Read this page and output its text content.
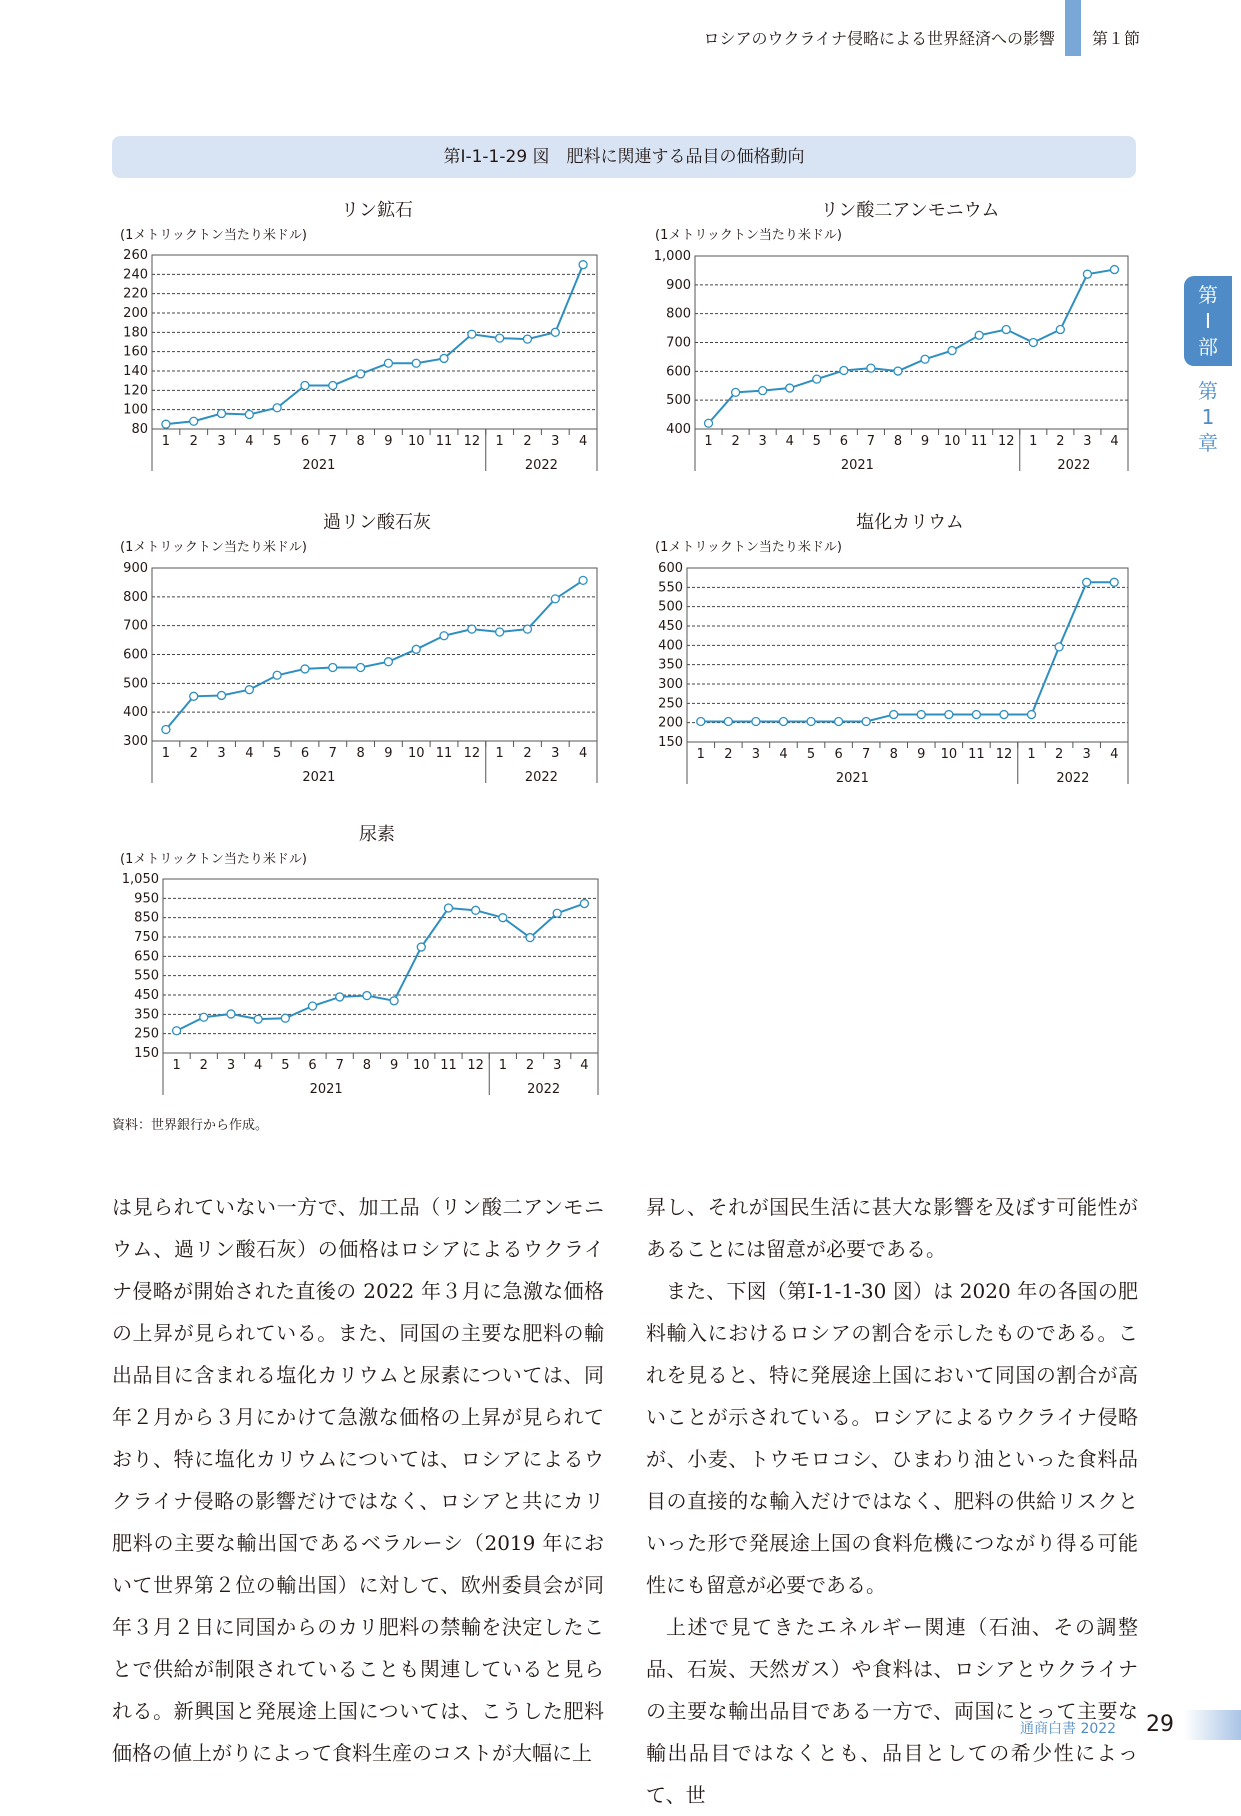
ロシアのウクライナ侵略による世界経済への影響 第１節
第
Ⅰ
部
第
1
章
第Ⅰ-1-1-29 図　肥料に関連する品目の価格動向
リン鉱石
(1メトリックトン当たり米ドル)
80
100
120
140
160
180
200
220
240
260
1 2 3 4 5 6 7 8 9 10 11 12 1 2 3 4
2021	2022
リン酸二アンモニウム
(1メトリックトン当たり米ドル)
400
500
600
700
800
900
1,000
1 2 3 4 5 6 7 8 9 10 11 12 1 2 3 4
2021	2022
過リン酸石灰
(1メトリックトン当たり米ドル)
300
400
500
600
700
800
900
1 2 3 4 5 6 7 8 9 10 11 12 1 2 3 4
2021	2022
塩化カリウム
(1メトリックトン当たり米ドル)
150
200
250
300
350
400
450
500
550
600
1 2 3 4 5 6 7 8 9 10 11 12 1 2 3 4
2021	2022
尿素
(1メトリックトン当たり米ドル)
150
250
350
450
550
650
750
850
950
1,050
1 2 3 4 5 6 7 8 9 10 11 12 1 2 3 4
2021	2022
資料：世界銀行から作成。

は見られていない一方で、加工品（リン酸二アンモニウム、過リン酸石灰）の価格はロシアによるウクライナ侵略が開始された直後の 2022 年３月に急激な価格の上昇が見られている。また、同国の主要な肥料の輸出品目に含まれる塩化カリウムと尿素については、同年２月から３月にかけて急激な価格の上昇が見られており、特に塩化カリウムについては、ロシアによるウクライナ侵略の影響だけではなく、ロシアと共にカリ肥料の主要な輸出国であるベラルーシ（2019 年において世界第２位の輸出国）に対して、欧州委員会が同年３月２日に同国からのカリ肥料の禁輸を決定したことで供給が制限されていることも関連していると見られる。新興国と発展途上国については、こうした肥料価格の値上がりによって食料生産のコストが大幅に上

昇し、それが国民生活に甚大な影響を及ぼす可能性があることには留意が必要である。

また、下図（第Ⅰ-1-1-30 図）は 2020 年の各国の肥料輸入におけるロシアの割合を示したものである。これを見ると、特に発展途上国において同国の割合が高いことが示されている。ロシアによるウクライナ侵略が、小麦、トウモロコシ、ひまわり油といった食料品目の直接的な輸入だけではなく、肥料の供給リスクといった形で発展途上国の食料危機につながり得る可能性にも留意が必要である。

上述で見てきたエネルギー関連（石油、その調整品、石炭、天然ガス）や食料は、ロシアとウクライナの主要な輸出品目である一方で、両国にとって主要な輸出品目ではなくとも、品目としての希少性によって、世

通商白書 2022 29
